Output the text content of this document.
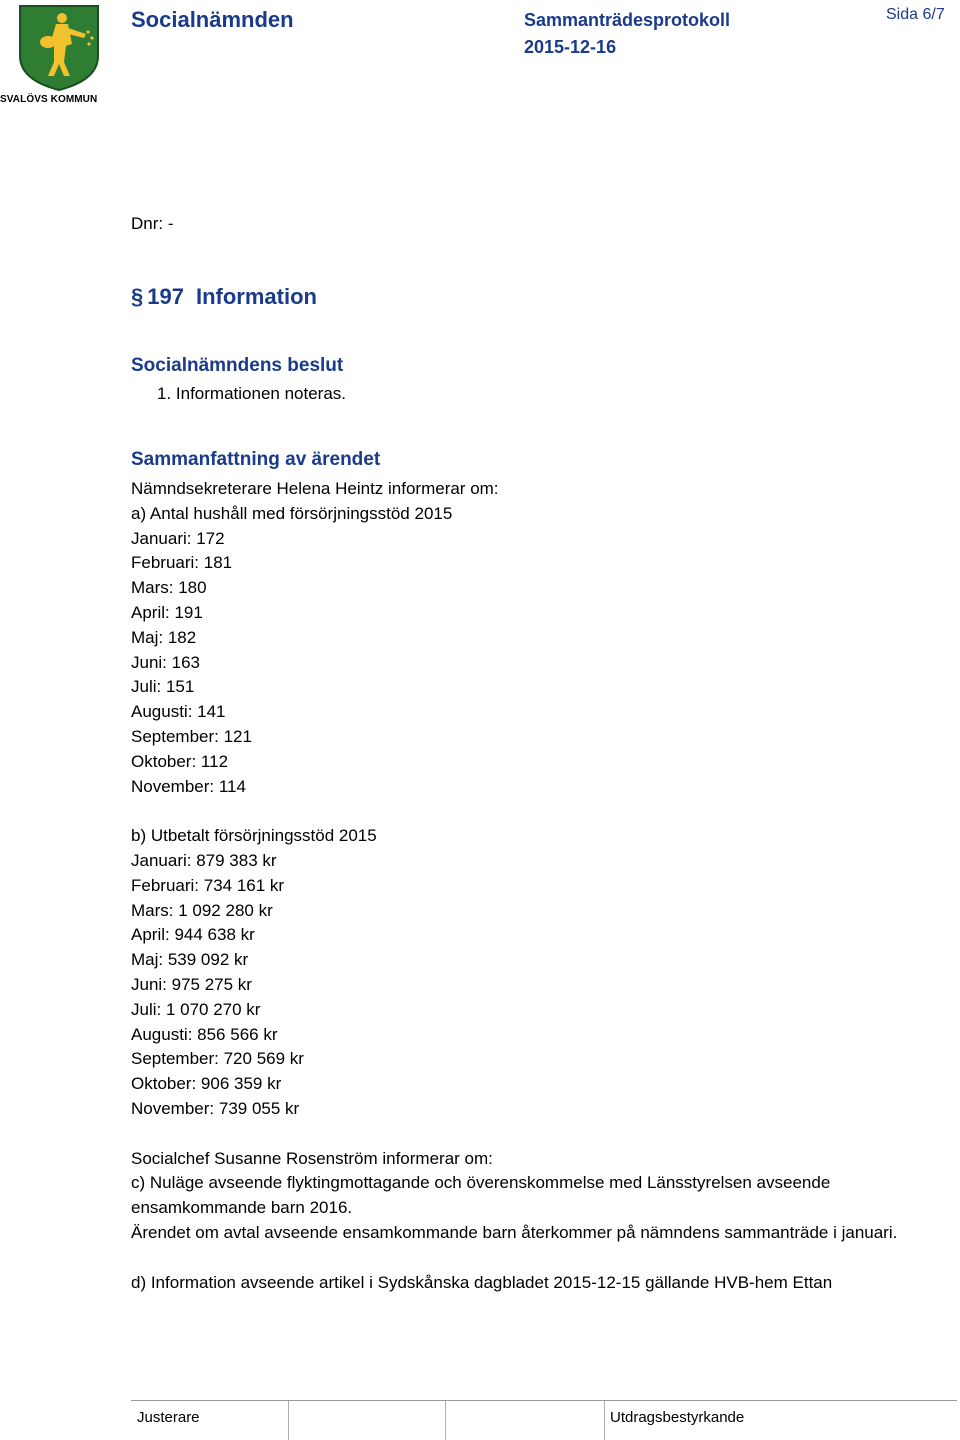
SVALÖVS KOMMUN
Socialnämnden	Sammanträdesprotokoll
2015-12-16
Sida 6/7
Dnr: -
§ 197 Information
Socialnämndens beslut
1. Informationen noteras.
Sammanfattning av ärendet
Nämndsekreterare Helena Heintz informerar om:
a) Antal hushåll med försörjningsstöd 2015
Januari: 172
Februari: 181
Mars: 180
April: 191
Maj: 182
Juni: 163
Juli: 151
Augusti: 141
September: 121
Oktober: 112
November: 114
b) Utbetalt försörjningsstöd 2015
Januari: 879 383 kr
Februari: 734 161 kr
Mars: 1 092 280 kr
April: 944 638 kr
Maj: 539 092 kr
Juni: 975 275 kr
Juli: 1 070 270 kr
Augusti: 856 566 kr
September: 720 569 kr
Oktober: 906 359 kr
November: 739 055 kr
Socialchef Susanne Rosenström informerar om:
c) Nuläge avseende flyktingmottagande och överenskommelse med Länsstyrelsen avseende ensamkommande barn 2016.
Ärendet om avtal avseende ensamkommande barn återkommer på nämndens sammanträde i januari.
d) Information avseende artikel i Sydskånska dagbladet 2015-12-15 gällande HVB-hem Ettan
Justerare	Utdragsbestyrkande
